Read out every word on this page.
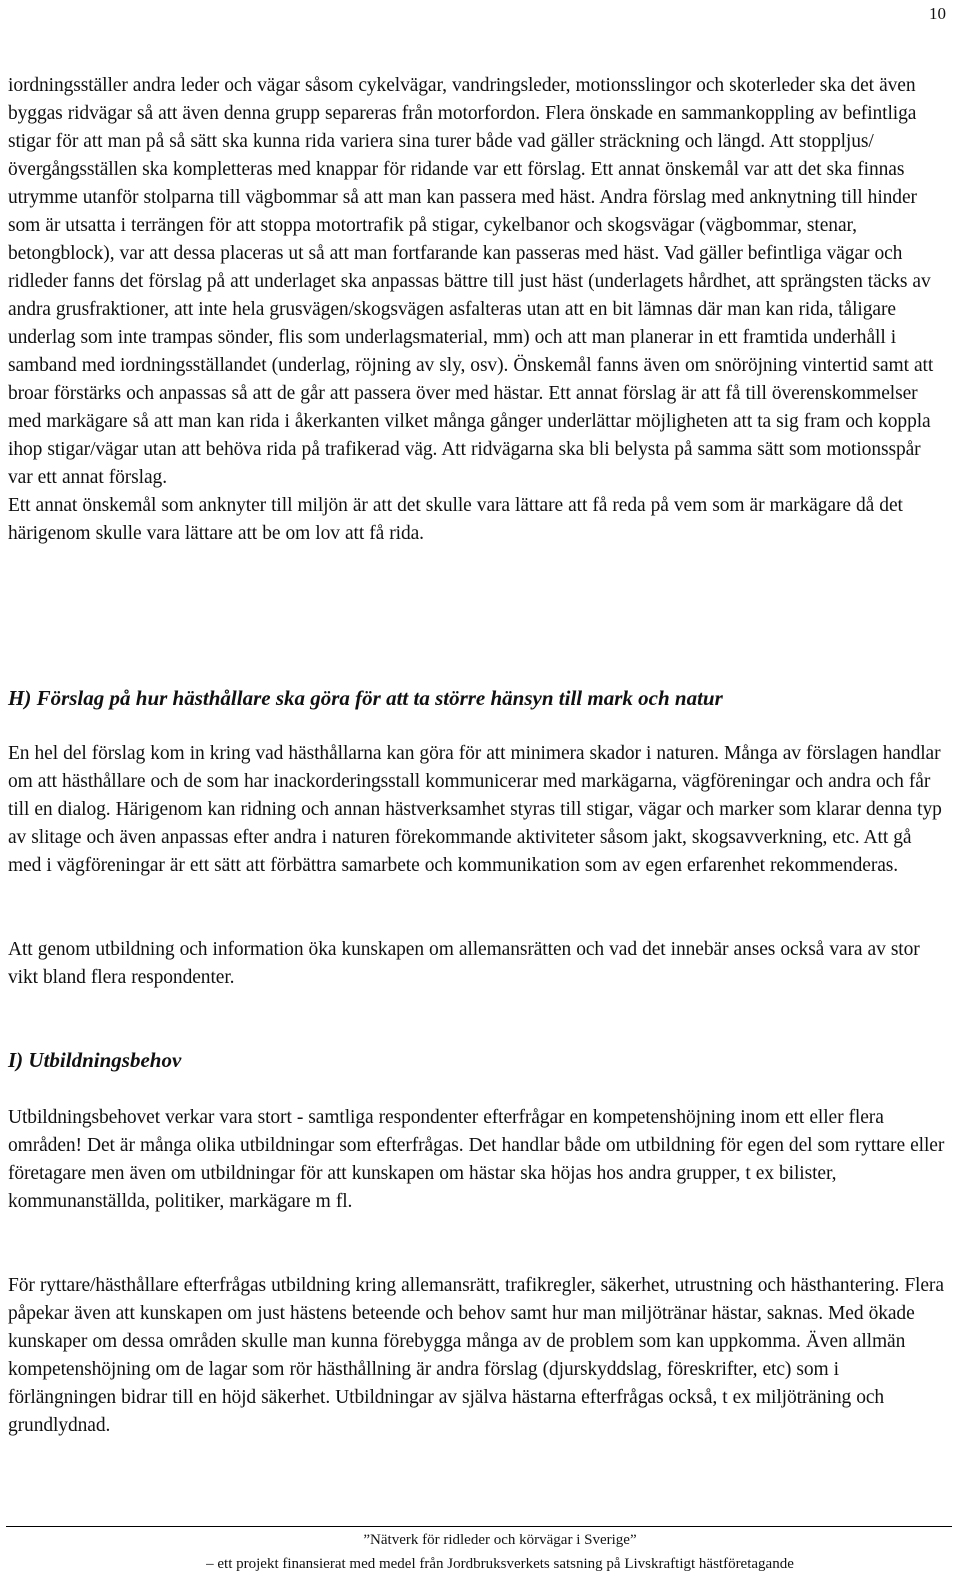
10

iordningsställer andra leder och vägar såsom cykelvägar, vandringsleder, motionsslingor och skoterleder ska det även byggas ridvägar så att även denna grupp separeras från motorfordon. Flera önskade en sammankoppling av befintliga stigar för att man på så sätt ska kunna rida variera sina turer både vad gäller sträckning och längd. Att stoppljus/övergångsställen ska kompletteras med knappar för ridande var ett förslag. Ett annat önskemål var att det ska finnas utrymme utanför stolparna till vägbommar så att man kan passera med häst. Andra förslag med anknytning till hinder som är utsatta i terrängen för att stoppa motortrafik på stigar, cykelbanor och skogsvägar (vägbommar, stenar, betongblock), var att dessa placeras ut så att man fortfarande kan passeras med häst. Vad gäller befintliga vägar och ridleder fanns det förslag på att underlaget ska anpassas bättre till just häst (underlagets hårdhet, att sprängsten täcks av andra grusfraktioner, att inte hela grusvägen/skogsvägen asfalteras utan att en bit lämnas där man kan rida, tåligare underlag som inte trampas sönder, flis som underlagsmaterial, mm) och att man planerar in ett framtida underhåll i samband med iordningsställandet (underlag, röjning av sly, osv). Önskemål fanns även om snöröjning vintertid samt att broar förstärks och anpassas så att de går att passera över med hästar. Ett annat förslag är att få till överenskommelser med markägare så att man kan rida i åkerkanten vilket många gånger underlättar möjligheten att ta sig fram och koppla ihop stigar/vägar utan att behöva rida på trafikerad väg. Att ridvägarna ska bli belysta på samma sätt som motionsspår var ett annat förslag.

Ett annat önskemål som anknyter till miljön är att det skulle vara lättare att få reda på vem som är markägare då det härigenom skulle vara lättare att be om lov att få rida.

H) Förslag på hur hästhållare ska göra för att ta större hänsyn till mark och natur

En hel del förslag kom in kring vad hästhållarna kan göra för att minimera skador i naturen. Många av förslagen handlar om att hästhållare och de som har inackorderingsstall kommunicerar med markägarna, vägföreningar och andra och får till en dialog. Härigenom kan ridning och annan hästverksamhet styras till stigar, vägar och marker som klarar denna typ av slitage och även anpassas efter andra i naturen förekommande aktiviteter såsom jakt, skogsavverkning, etc. Att gå med i vägföreningar är ett sätt att förbättra samarbete och kommunikation som av egen erfarenhet rekommenderas.

Att genom utbildning och information öka kunskapen om allemansrätten och vad det innebär anses också vara av stor vikt bland flera respondenter.

I) Utbildningsbehov

Utbildningsbehovet verkar vara stort - samtliga respondenter efterfrågar en kompetenshöjning inom ett eller flera områden! Det är många olika utbildningar som efterfrågas. Det handlar både om utbildning för egen del som ryttare eller företagare men även om utbildningar för att kunskapen om hästar ska höjas hos andra grupper, t ex bilister, kommunanställda, politiker, markägare m fl.

För ryttare/hästhållare efterfrågas utbildning kring allemansrätt, trafikregler, säkerhet, utrustning och hästhantering. Flera påpekar även att kunskapen om just hästens beteende och behov samt hur man miljötränar hästar, saknas. Med ökade kunskaper om dessa områden skulle man kunna förebygga många av de problem som kan uppkomma. Även allmän kompetenshöjning om de lagar som rör hästhållning är andra förslag (djurskyddslag, föreskrifter, etc) som i förlängningen bidrar till en höjd säkerhet. Utbildningar av själva hästarna efterfrågas också, t ex miljöträning och grundlydnad.

”Nätverk för ridleder och körvägar i Sverige”
– ett projekt finansierat med medel från Jordbruksverkets satsning på Livskraftigt hästföretagande
